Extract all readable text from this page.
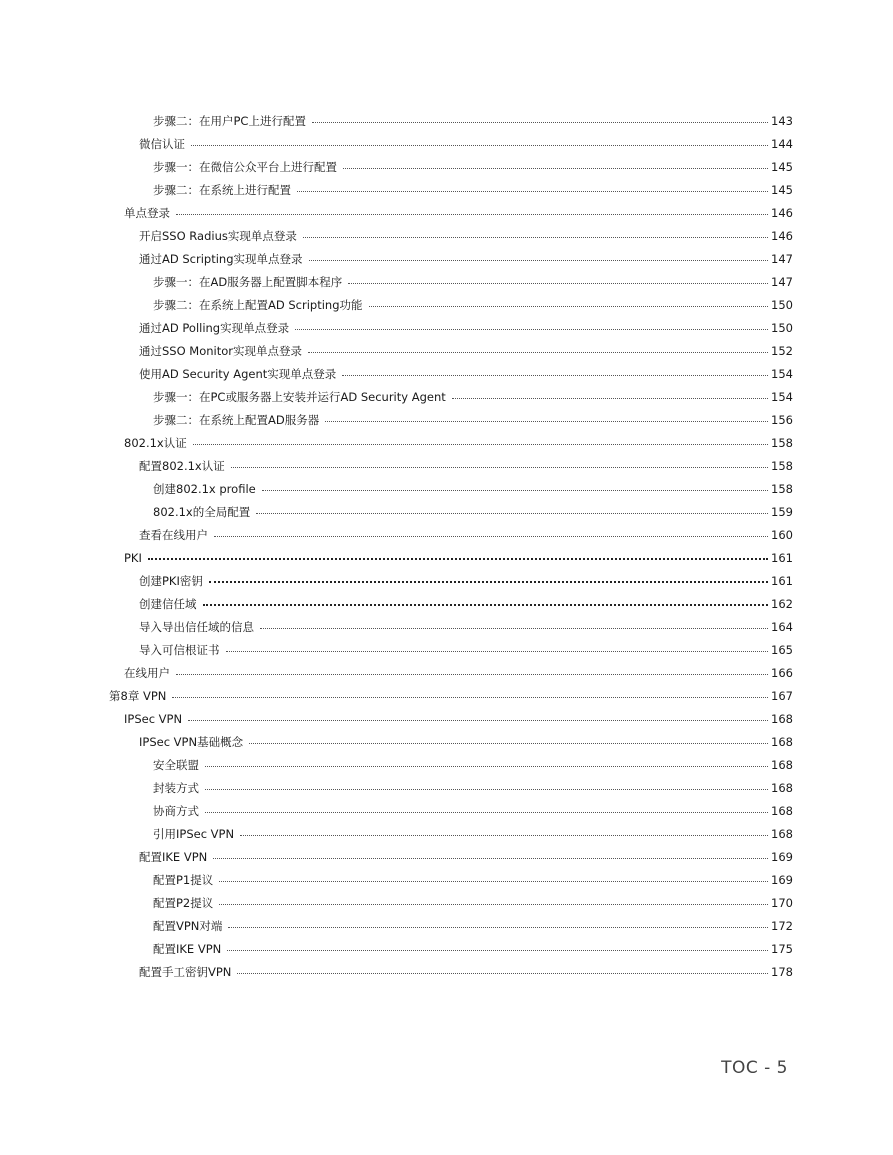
步骤二：在用户PC上进行配置	143
微信认证	144
步骤一：在微信公众平台上进行配置	145
步骤二：在系统上进行配置	145
单点登录	146
开启SSO Radius实现单点登录	146
通过AD Scripting实现单点登录	147
步骤一：在AD服务器上配置脚本程序	147
步骤二：在系统上配置AD Scripting功能	150
通过AD Polling实现单点登录	150
通过SSO Monitor实现单点登录	152
使用AD Security Agent实现单点登录	154
步骤一：在PC或服务器上安装并运行AD Security Agent	154
步骤二：在系统上配置AD服务器	156
802.1x认证	158
配置802.1x认证	158
创建802.1x profile	158
802.1x的全局配置	159
查看在线用户	160
PKI	161
创建PKI密钥	161
创建信任域	162
导入导出信任域的信息	164
导入可信根证书	165
在线用户	166
第8章 VPN	167
IPSec VPN	168
IPSec VPN基础概念	168
安全联盟	168
封装方式	168
协商方式	168
引用IPSec VPN	168
配置IKE VPN	169
配置P1提议	169
配置P2提议	170
配置VPN对端	172
配置IKE VPN	175
配置手工密钥VPN	178
TOC - 5
